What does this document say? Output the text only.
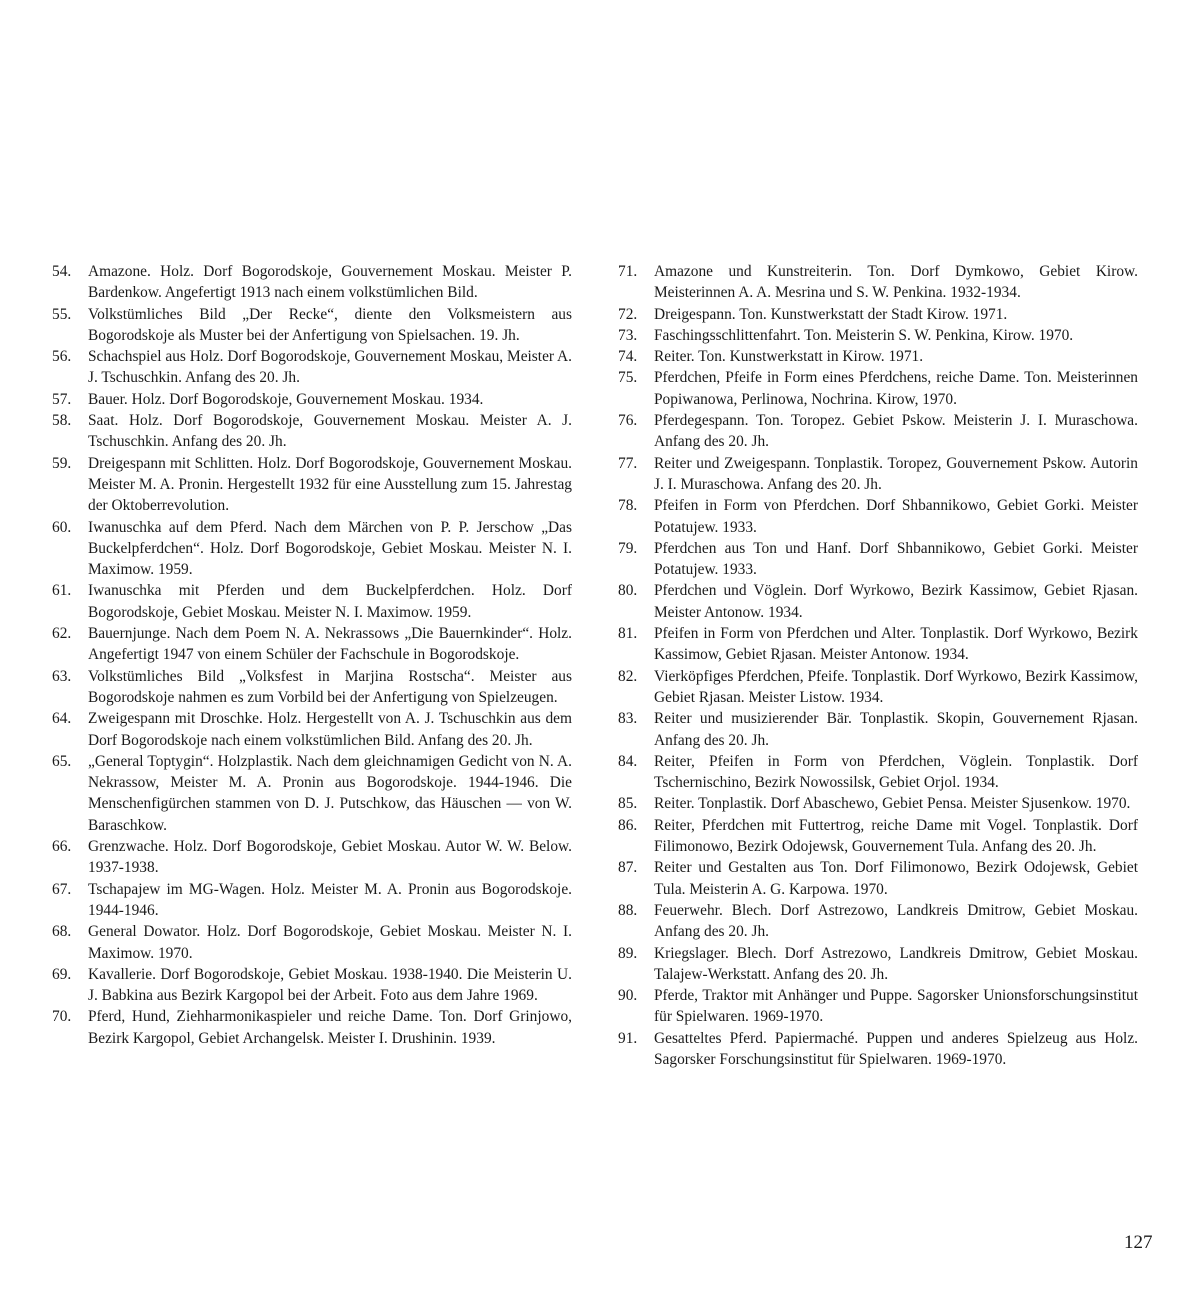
54.	Amazone. Holz. Dorf Bogorodskoje, Gouvernement Moskau. Meister P. Bardenkow. Angefertigt 1913 nach einem volkstümlichen Bild.
55.	Volkstümliches Bild „Der Recke“, diente den Volksmeistern aus Bogorodskoje als Muster bei der Anfertigung von Spielsachen. 19. Jh.
56.	Schachspiel aus Holz. Dorf Bogorodskoje, Gouvernement Moskau, Meister A. J. Tschuschkin. Anfang des 20. Jh.
57.	Bauer. Holz. Dorf Bogorodskoje, Gouvernement Moskau. 1934.
58.	Saat. Holz. Dorf Bogorodskoje, Gouvernement Moskau. Meister A. J. Tschuschkin. Anfang des 20. Jh.
59.	Dreigespann mit Schlitten. Holz. Dorf Bogorodskoje, Gouvernement Moskau. Meister M. A. Pronin. Hergestellt 1932 für eine Ausstellung zum 15. Jahrestag der Oktoberrevolution.
60.	Iwanuschka auf dem Pferd. Nach dem Märchen von P. P. Jerschow „Das Buckelpferdchen“. Holz. Dorf Bogorodskoje, Gebiet Moskau. Meister N. I. Maximow. 1959.
61.	Iwanuschka mit Pferden und dem Buckelpferdchen. Holz. Dorf Bogorodskoje, Gebiet Moskau. Meister N. I. Maximow. 1959.
62.	Bauernjunge. Nach dem Poem N. A. Nekrassows „Die Bauernkinder“. Holz. Angefertigt 1947 von einem Schüler der Fachschule in Bogorodskoje.
63.	Volkstümliches Bild „Volksfest in Marjina Rostscha“. Meister aus Bogorodskoje nahmen es zum Vorbild bei der Anfertigung von Spielzeugen.
64.	Zweigespann mit Droschke. Holz. Hergestellt von A. J. Tschuschkin aus dem Dorf Bogorodskoje nach einem volkstümlichen Bild. Anfang des 20. Jh.
65.	„General Toptygin“. Holzplastik. Nach dem gleichnamigen Gedicht von N. A. Nekrassow, Meister M. A. Pronin aus Bogorodskoje. 1944-1946. Die Menschenfigürchen stammen von D. J. Putschkow, das Häuschen — von W. Baraschkow.
66.	Grenzwache. Holz. Dorf Bogorodskoje, Gebiet Moskau. Autor W. W. Below. 1937-1938.
67.	Tschapajew im MG-Wagen. Holz. Meister M. A. Pronin aus Bogorodskoje. 1944-1946.
68.	General Dowator. Holz. Dorf Bogorodskoje, Gebiet Moskau. Meister N. I. Maximow. 1970.
69.	Kavallerie. Dorf Bogorodskoje, Gebiet Moskau. 1938-1940. Die Meisterin U. J. Babkina aus Bezirk Kargopol bei der Arbeit. Foto aus dem Jahre 1969.
70.	Pferd, Hund, Ziehharmonikaspieler und reiche Dame. Ton. Dorf Grinjowo, Bezirk Kargopol, Gebiet Archangelsk. Meister I. Drushinin. 1939.
71.	Amazone und Kunstreiterin. Ton. Dorf Dymkowo, Gebiet Kirow. Meisterinnen A. A. Mesrina und S. W. Penkina. 1932-1934.
72.	Dreigespann. Ton. Kunstwerkstatt der Stadt Kirow. 1971.
73.	Faschingsschlittenfahrt. Ton. Meisterin S. W. Penkina, Kirow. 1970.
74.	Reiter. Ton. Kunstwerkstatt in Kirow. 1971.
75.	Pferdchen, Pfeife in Form eines Pferdchens, reiche Dame. Ton. Meisterinnen Popiwanowa, Perlinowa, Nochrina. Kirow, 1970.
76.	Pferdegespann. Ton. Toropez. Gebiet Pskow. Meisterin J. I. Muraschowa. Anfang des 20. Jh.
77.	Reiter und Zweigespann. Tonplastik. Toropez, Gouvernement Pskow. Autorin J. I. Muraschowa. Anfang des 20. Jh.
78.	Pfeifen in Form von Pferdchen. Dorf Shbannikowo, Gebiet Gorki. Meister Potatujew. 1933.
79.	Pferdchen aus Ton und Hanf. Dorf Shbannikowo, Gebiet Gorki. Meister Potatujew. 1933.
80.	Pferdchen und Vöglein. Dorf Wyrkowo, Bezirk Kassimow, Gebiet Rjasan. Meister Antonow. 1934.
81.	Pfeifen in Form von Pferdchen und Alter. Tonplastik. Dorf Wyrkowo, Bezirk Kassimow, Gebiet Rjasan. Meister Antonow. 1934.
82.	Vierköpfiges Pferdchen, Pfeife. Tonplastik. Dorf Wyrkowo, Bezirk Kassimow, Gebiet Rjasan. Meister Listow. 1934.
83.	Reiter und musizierender Bär. Tonplastik. Skopin, Gouvernement Rjasan. Anfang des 20. Jh.
84.	Reiter, Pfeifen in Form von Pferdchen, Vöglein. Tonplastik. Dorf Tschernischino, Bezirk Nowossilsk, Gebiet Orjol. 1934.
85.	Reiter. Tonplastik. Dorf Abaschewo, Gebiet Pensa. Meister Sjusenkow. 1970.
86.	Reiter, Pferdchen mit Futtertrog, reiche Dame mit Vogel. Tonplastik. Dorf Filimonowo, Bezirk Odojewsk, Gouvernement Tula. Anfang des 20. Jh.
87.	Reiter und Gestalten aus Ton. Dorf Filimonowo, Bezirk Odojewsk, Gebiet Tula. Meisterin A. G. Karpowa. 1970.
88.	Feuerwehr. Blech. Dorf Astrezowo, Landkreis Dmitrow, Gebiet Moskau. Anfang des 20. Jh.
89.	Kriegslager. Blech. Dorf Astrezowo, Landkreis Dmitrow, Gebiet Moskau. Talajew-Werkstatt. Anfang des 20. Jh.
90.	Pferde, Traktor mit Anhänger und Puppe. Sagorsker Unionsforschungsinstitut für Spielwaren. 1969-1970.
91.	Gesatteltes Pferd. Papiermaché. Puppen und anderes Spielzeug aus Holz. Sagorsker Forschungsinstitut für Spielwaren. 1969-1970.
127
